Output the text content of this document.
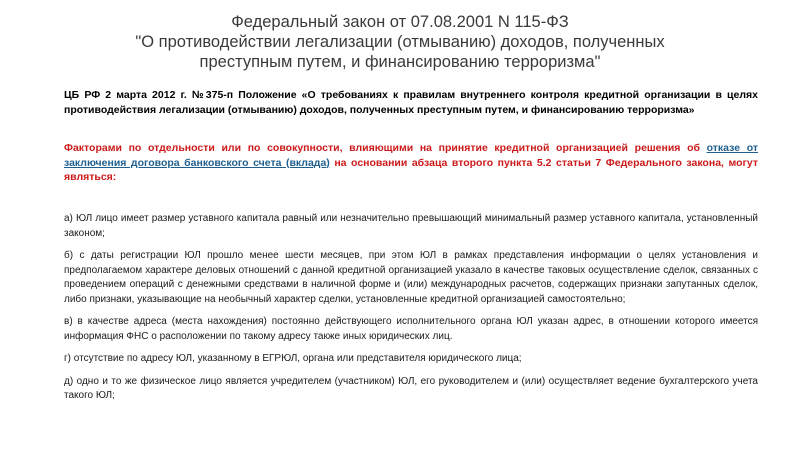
Федеральный закон от 07.08.2001 N 115-ФЗ
"О противодействии легализации (отмыванию) доходов, полученных
преступным путем, и финансированию терроризма"
ЦБ РФ 2 марта 2012 г. №375-п Положение «О требованиях к правилам внутреннего контроля кредитной организации в целях противодействия легализации (отмыванию) доходов, полученных преступным путем, и финансированию терроризма»
Факторами по отдельности или по совокупности, влияющими на принятие кредитной организацией решения об отказе от заключения договора банковского счета (вклада) на основании абзаца второго пункта 5.2 статьи 7 Федерального закона, могут являться:

а) ЮЛ лицо имеет размер уставного капитала равный или незначительно превышающий минимальный размер уставного капитала, установленный законом;

б) с даты регистрации ЮЛ прошло менее шести месяцев, при этом ЮЛ в рамках представления информации о целях установления и предполагаемом характере деловых отношений с данной кредитной организацией указало в качестве таковых осуществление сделок, связанных с проведением операций с денежными средствами в наличной форме и (или) международных расчетов, содержащих признаки запутанных сделок, либо признаки, указывающие на необычный характер сделки, установленные кредитной организацией самостоятельно;

в) в качестве адреса (места нахождения) постоянно действующего исполнительного органа ЮЛ указан адрес, в отношении которого имеется информация ФНС о расположении по такому адресу также иных юридических лиц.

г) отсутствие по адресу ЮЛ, указанному в ЕГРЮЛ, органа или представителя юридического лица;

д) одно и то же физическое лицо является учредителем (участником) ЮЛ, его руководителем и (или) осуществляет ведение бухгалтерского учета такого ЮЛ;
